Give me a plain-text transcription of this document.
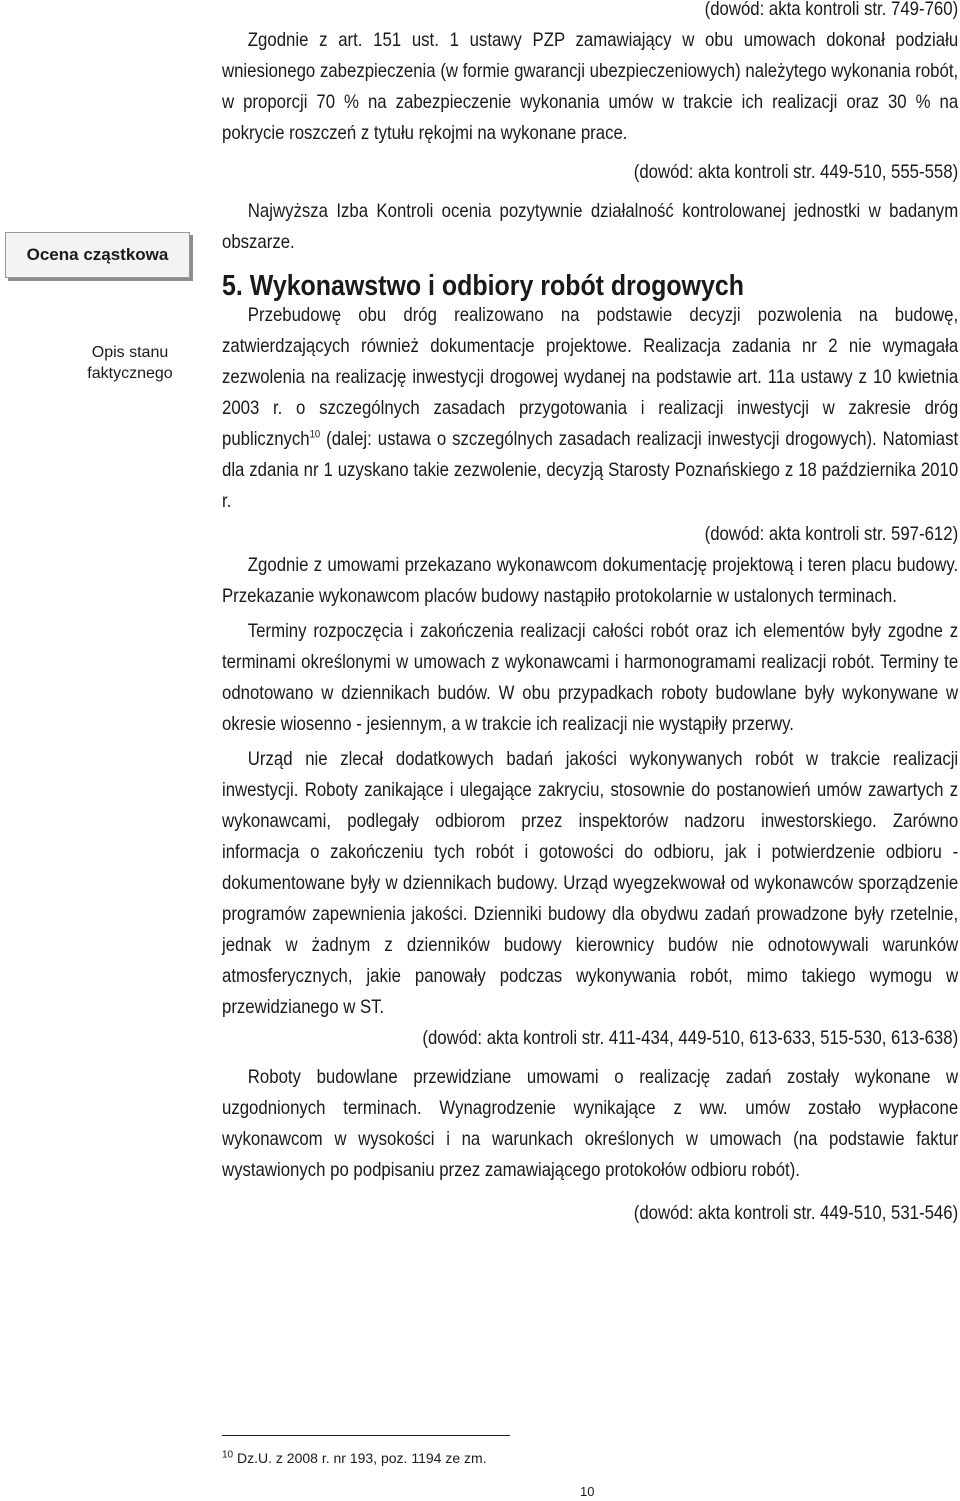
Ocena cząstkowa
Opis stanu faktycznego

(dowód: akta kontroli str. 749-760)

Zgodnie z art. 151 ust. 1 ustawy PZP zamawiający w obu umowach dokonał podziału wniesionego zabezpieczenia (w formie gwarancji ubezpieczeniowych) należytego wykonania robót, w proporcji 70 % na zabezpieczenie wykonania umów w trakcie ich realizacji oraz 30 % na pokrycie roszczeń z tytułu rękojmi na wykonane prace.

(dowód: akta kontroli str. 449-510, 555-558)

Najwyższa Izba Kontroli ocenia pozytywnie działalność kontrolowanej jednostki w badanym obszarze.

5. Wykonawstwo i odbiory robót drogowych

Przebudowę obu dróg realizowano na podstawie decyzji pozwolenia na budowę, zatwierdzających również dokumentacje projektowe. Realizacja zadania nr 2 nie wymagała zezwolenia na realizację inwestycji drogowej wydanej na podstawie art. 11a ustawy z 10 kwietnia 2003 r. o szczególnych zasadach przygotowania i realizacji inwestycji w zakresie dróg publicznych$^{10}$ (dalej: ustawa o szczególnych zasadach realizacji inwestycji drogowych). Natomiast dla zdania nr 1 uzyskano takie zezwolenie, decyzją Starosty Poznańskiego z 18 października 2010 r.

(dowód: akta kontroli str. 597-612)

Zgodnie z umowami przekazano wykonawcom dokumentację projektową i teren placu budowy. Przekazanie wykonawcom placów budowy nastąpiło protokolarnie w ustalonych terminach.

Terminy rozpoczęcia i zakończenia realizacji całości robót oraz ich elementów były zgodne z terminami określonymi w umowach z wykonawcami i harmonogramami realizacji robót. Terminy te odnotowano w dziennikach budów. W obu przypadkach roboty budowlane były wykonywane w okresie wiosenno - jesiennym, a w trakcie ich realizacji nie wystąpiły przerwy.

Urząd nie zlecał dodatkowych badań jakości wykonywanych robót w trakcie realizacji inwestycji. Roboty zanikające i ulegające zakryciu, stosownie do postanowień umów zawartych z wykonawcami, podlegały odbiorom przez inspektorów nadzoru inwestorskiego. Zarówno informacja o zakończeniu tych robót i gotowości do odbioru, jak i potwierdzenie odbioru - dokumentowane były w dziennikach budowy. Urząd wyegzekwował od wykonawców sporządzenie programów zapewnienia jakości. Dzienniki budowy dla obydwu zadań prowadzone były rzetelnie, jednak w żadnym z dzienników budowy kierownicy budów nie odnotowywali warunków atmosferycznych, jakie panowały podczas wykonywania robót, mimo takiego wymogu w przewidzianego w ST.

(dowód: akta kontroli str. 411-434, 449-510, 613-633, 515-530, 613-638)

Roboty budowlane przewidziane umowami o realizację zadań zostały wykonane w uzgodnionych terminach. Wynagrodzenie wynikające z ww. umów zostało wypłacone wykonawcom w wysokości i na warunkach określonych w umowach (na podstawie faktur wystawionych po podpisaniu przez zamawiającego protokołów odbioru robót).

(dowód: akta kontroli str. 449-510, 531-546)

$^{10}$ Dz.U. z 2008 r. nr 193, poz. 1194 ze zm.
10
